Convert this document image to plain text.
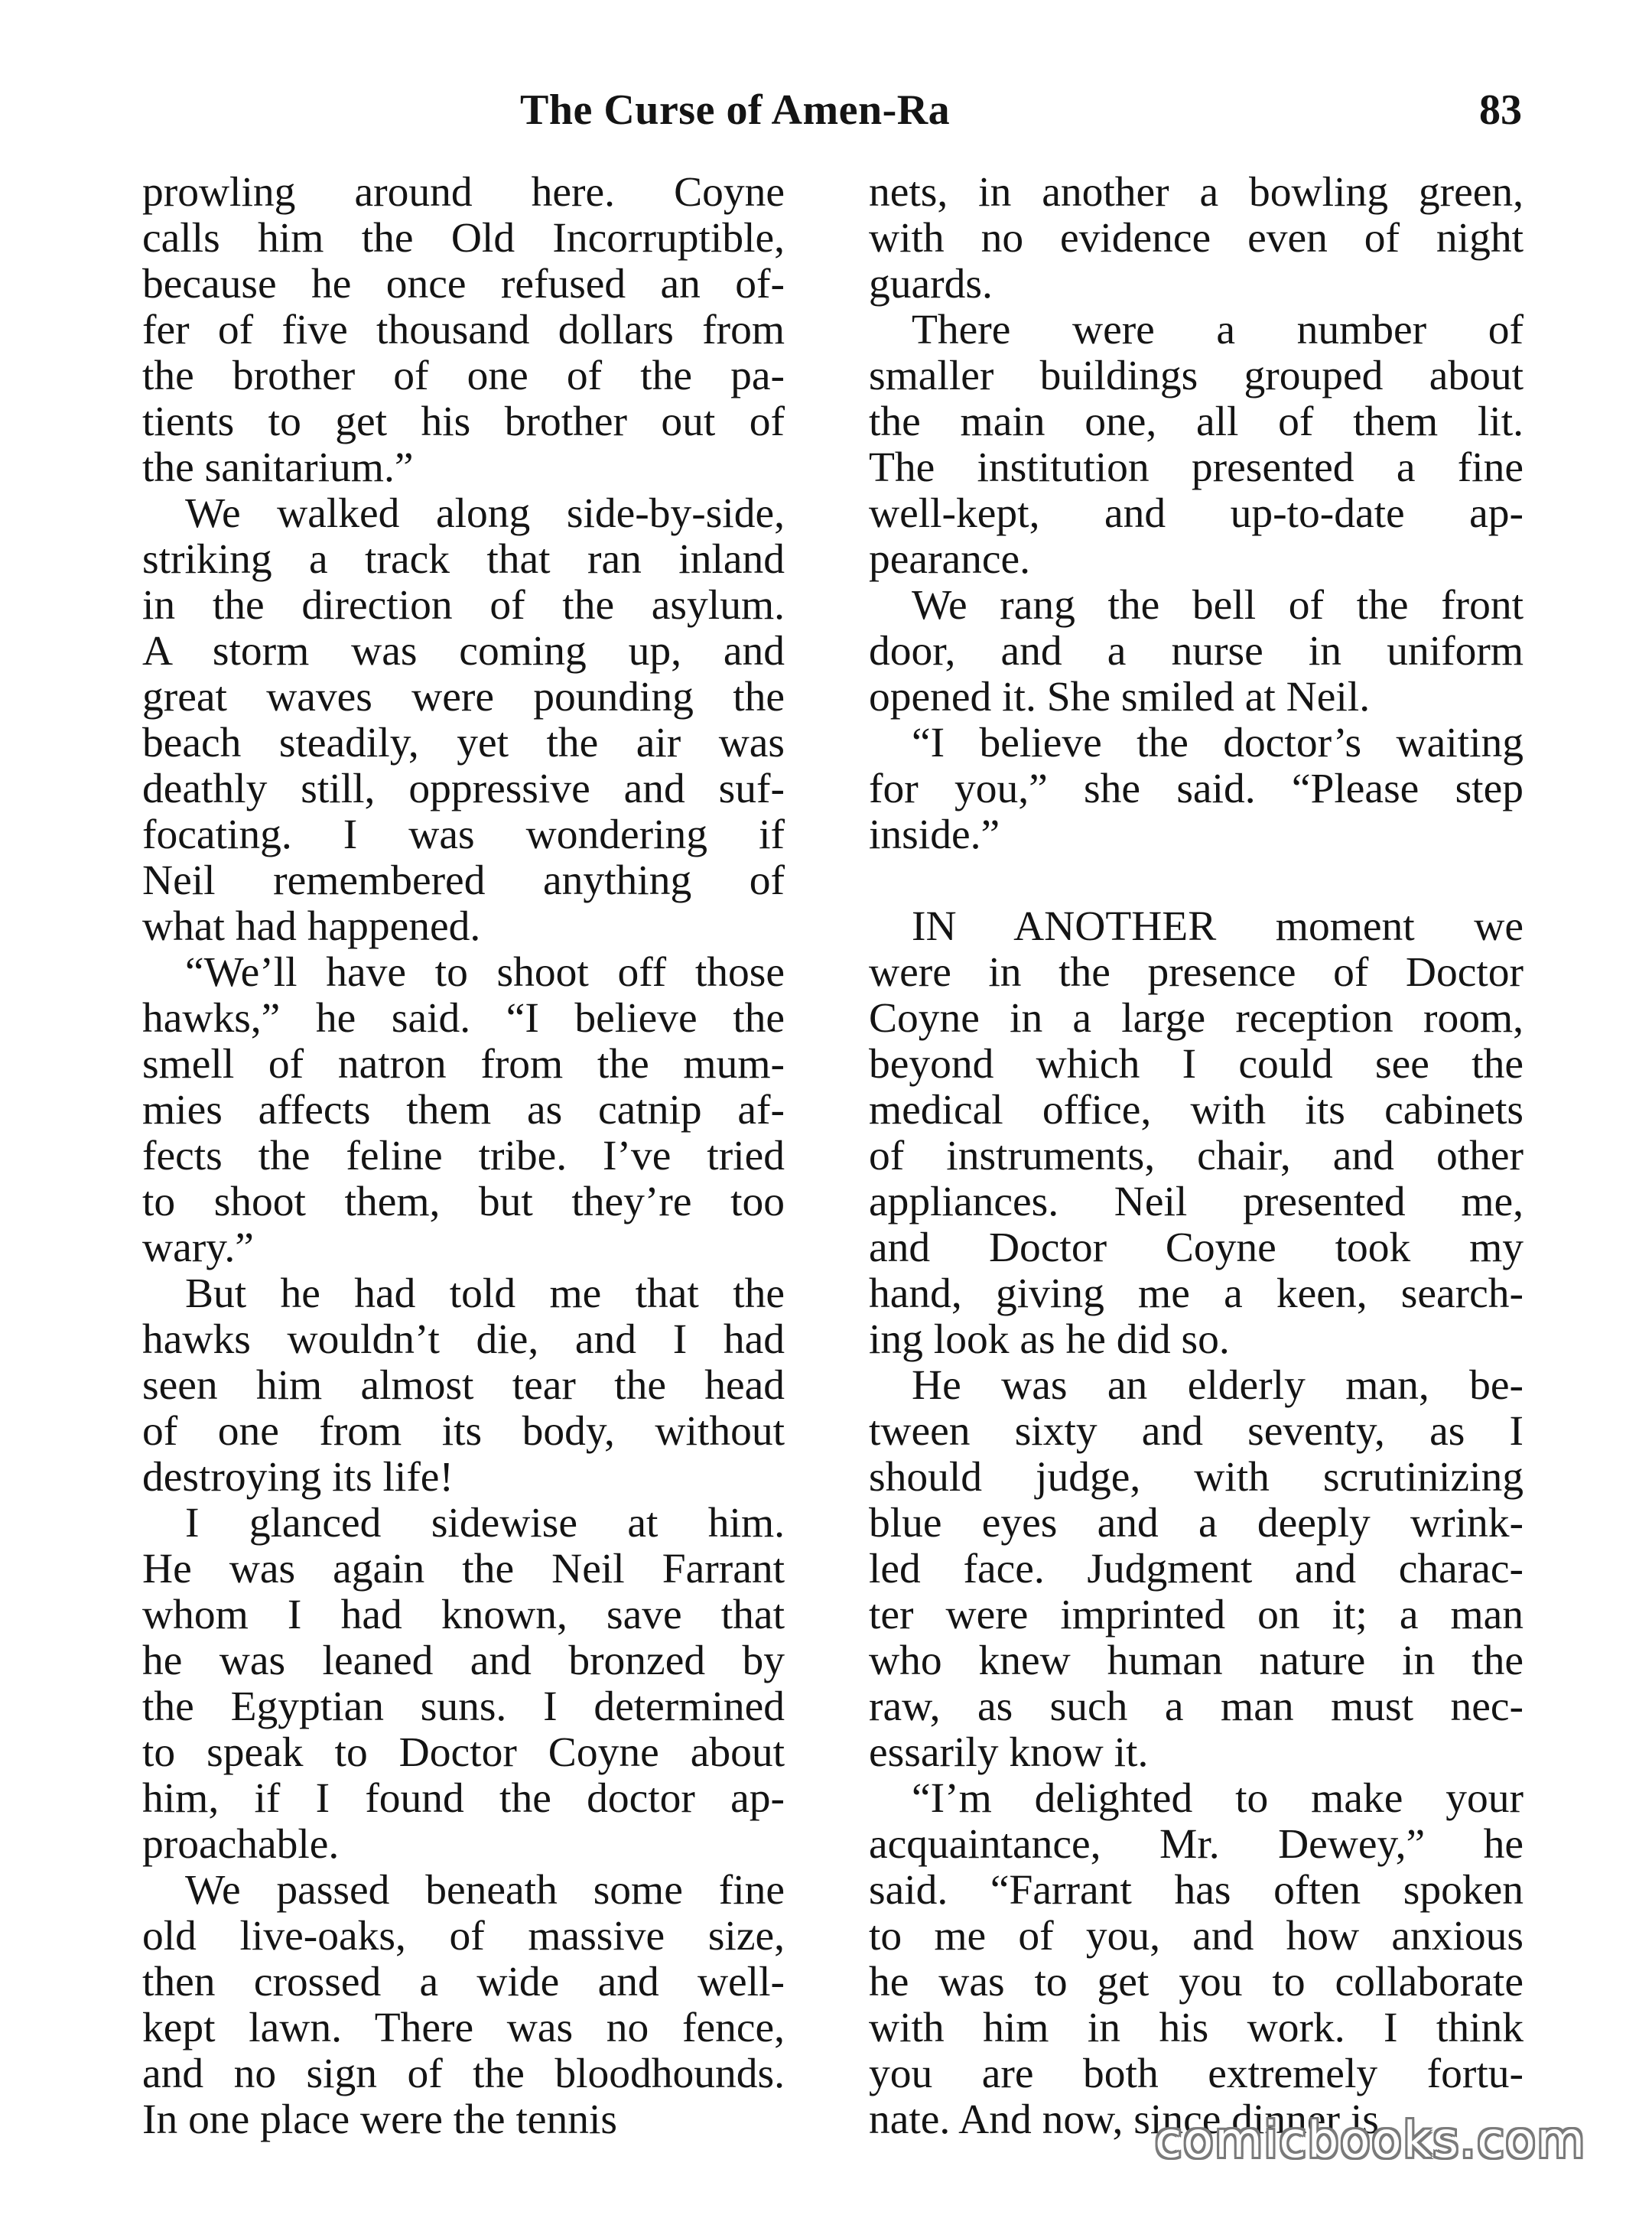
The Curse of Amen-Ra	83
prowling around here. Coyne
calls him the Old Incorruptible,
because he once refused an of-
fer of five thousand dollars from
the brother of one of the pa-
tients to get his brother out of
the sanitarium.”
We walked along side-by-side,
striking a track that ran inland
in the direction of the asylum.
A storm was coming up, and
great waves were pounding the
beach steadily, yet the air was
deathly still, oppressive and suf-
focating. I was wondering if
Neil remembered anything of
what had happened.
“We’ll have to shoot off those
hawks,” he said. “I believe the
smell of natron from the mum-
mies affects them as catnip af-
fects the feline tribe. I’ve tried
to shoot them, but they’re too
wary.”
But he had told me that the
hawks wouldn’t die, and I had
seen him almost tear the head
of one from its body, without
destroying its life!
I glanced sidewise at him.
He was again the Neil Farrant
whom I had known, save that
he was leaned and bronzed by
the Egyptian suns. I determined
to speak to Doctor Coyne about
him, if I found the doctor ap-
proachable.
We passed beneath some fine
old live-oaks, of massive size,
then crossed a wide and well-
kept lawn. There was no fence,
and no sign of the bloodhounds.
In one place were the tennis
nets, in another a bowling green,
with no evidence even of night
guards.
There were a number of
smaller buildings grouped about
the main one, all of them lit.
The institution presented a fine
well-kept, and up-to-date ap-
pearance.
We rang the bell of the front
door, and a nurse in uniform
opened it. She smiled at Neil.
“I believe the doctor’s waiting
for you,” she said. “Please step
inside.”
IN ANOTHER moment we
were in the presence of Doctor
Coyne in a large reception room,
beyond which I could see the
medical office, with its cabinets
of instruments, chair, and other
appliances. Neil presented me,
and Doctor Coyne took my
hand, giving me a keen, search-
ing look as he did so.
He was an elderly man, be-
tween sixty and seventy, as I
should judge, with scrutinizing
blue eyes and a deeply wrink-
led face. Judgment and charac-
ter were imprinted on it; a man
who knew human nature in the
raw, as such a man must nec-
essarily know it.
“I’m delighted to make your
acquaintance, Mr. Dewey,” he
said. “Farrant has often spoken
to me of you, and how anxious
he was to get you to collaborate
with him in his work. I think
you are both extremely fortu-
nate. And now, since dinner is
comicbooks.com
